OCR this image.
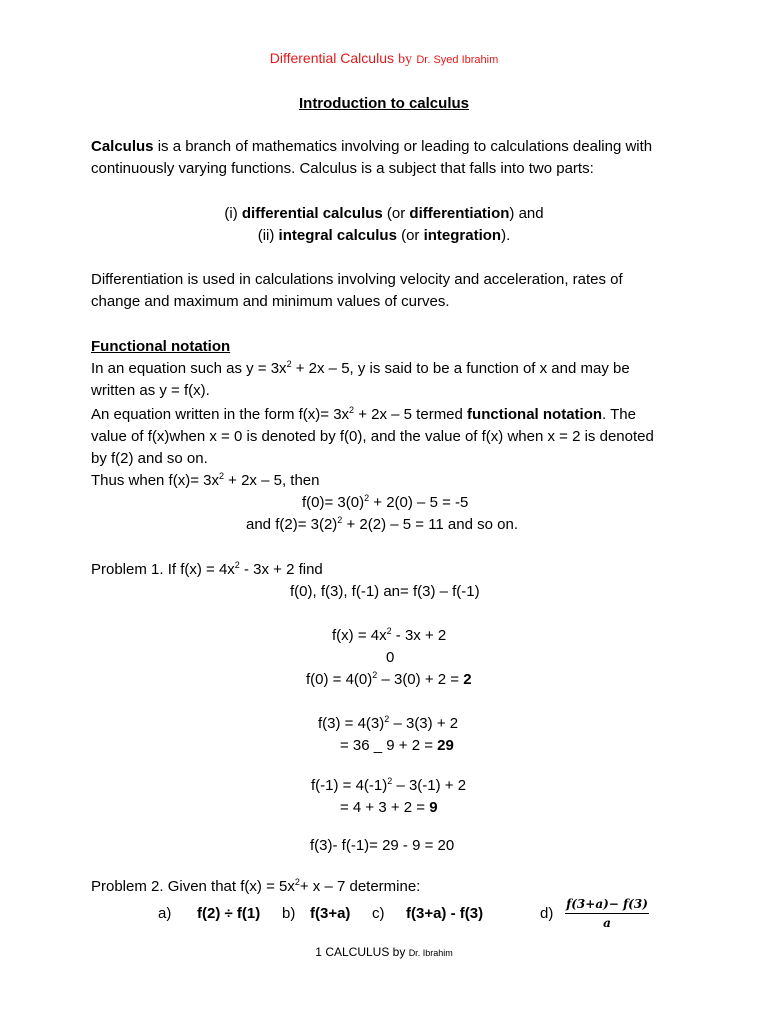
Differential Calculus by Dr. Syed Ibrahim
Introduction to calculus
Calculus is a branch of mathematics involving or leading to calculations dealing with
continuously varying functions. Calculus is a subject that falls into two parts:
(i) differential calculus (or differentiation) and
(ii) integral calculus (or integration).
Differentiation is used in calculations involving velocity and acceleration, rates of
change and maximum and minimum values of curves.
Functional notation
In an equation such as $y = 3x^2 + 2x - 5$, y is said to be a function of x and may be
written as y = f(x).
An equation written in the form $f(x)= 3x^2 + 2x - 5$ termed functional notation. The
value of f(x)when x = 0 is denoted by f(0), and the value of f(x) when x = 2 is denoted
by f(2) and so on.
Thus when $f(x)= 3x^2 + 2x - 5$, then
$f(0)= 3(0)^2 + 2(0) - 5 = -5$
and $f(2)= 3(2)^2 + 2(2) - 5 = 11$ and so on.
Problem 1. If $f(x) = 4x^2 - 3x + 2$ find
f(0), f(3), f(-1) an= f(3) – f(-1)
$f(x) = 4x^2 - 3x + 2$
0
$f(0) = 4(0)^2 - 3(0) + 2 = 2$
$f(3) = 4(3)^2 - 3(3) + 2$
= 36 _ 9 + 2 = 29
$f(-1) = 4(-1)^2 - 3(-1) + 2$
= 4 + 3 + 2 = 9
f(3)- f(-1)= 29 - 9 = 20
Problem 2. Given that $f(x) = 5x^2+ x - 7$ determine:
a) f(2) ÷ f(1) b) f(3+a) c) f(3+a) - f(3)	$d) \frac{f(3+a)- f(3)}{a}$
1 CALCULUS by Dr. Ibrahim
